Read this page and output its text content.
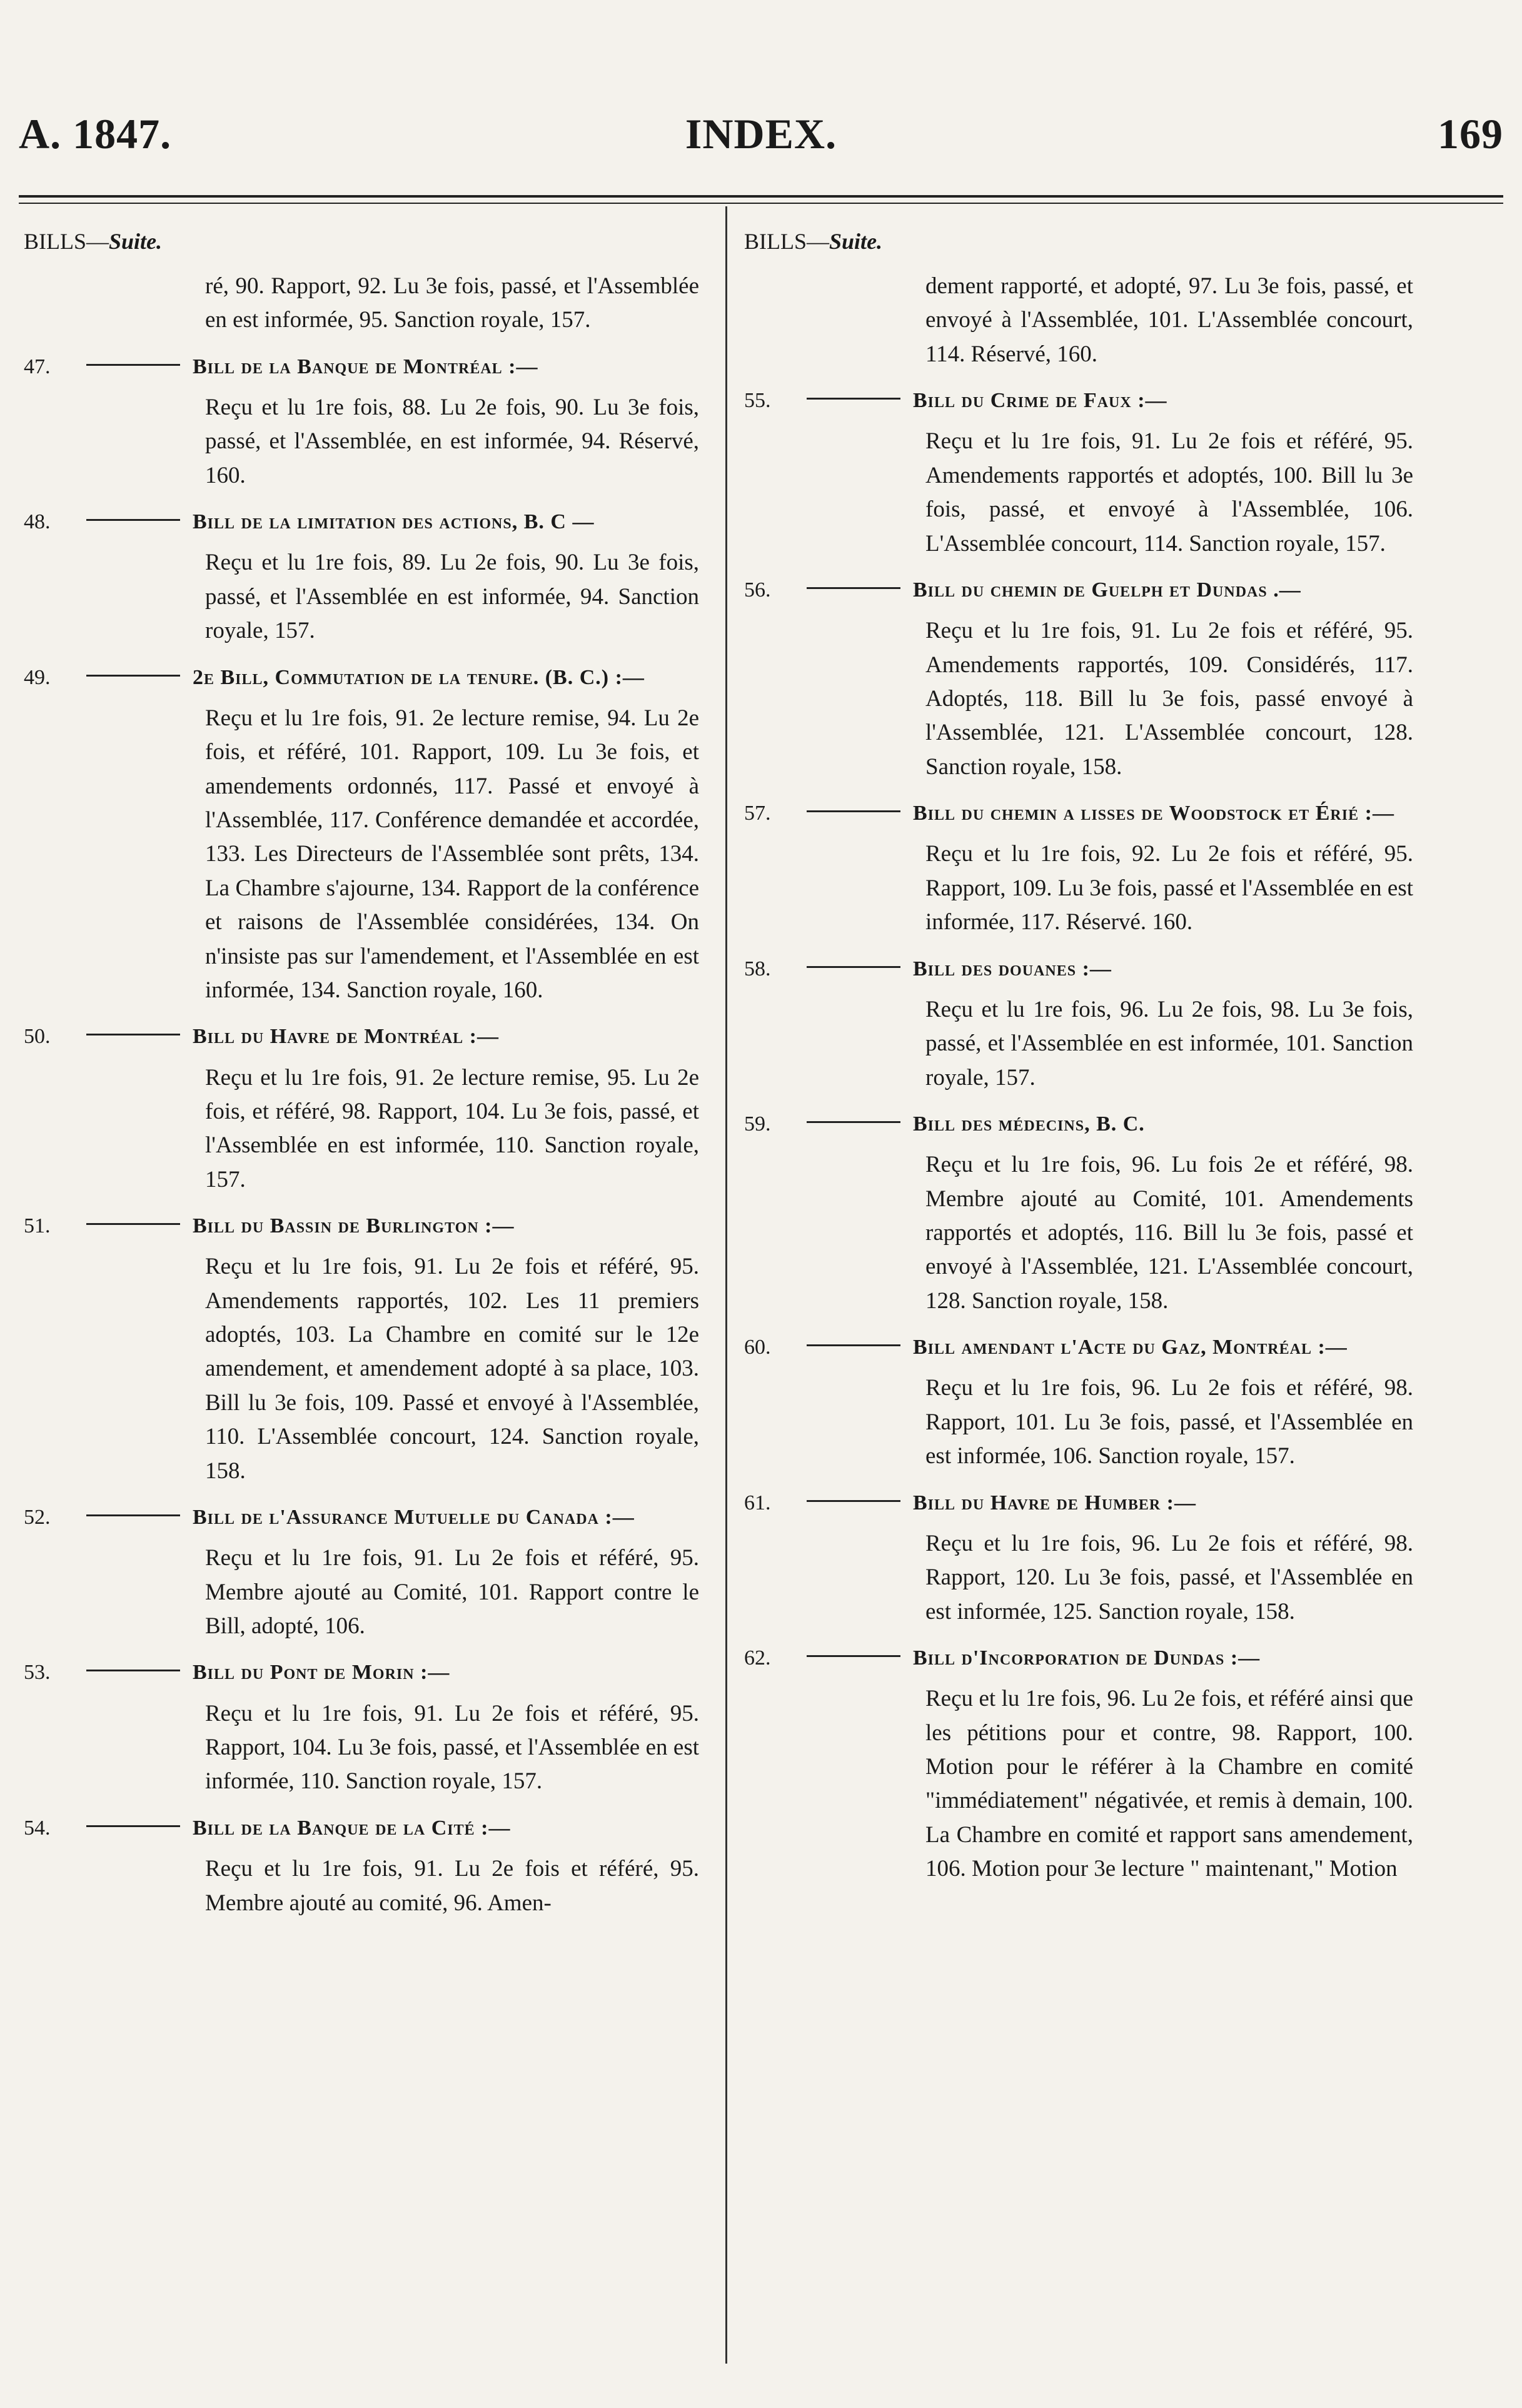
A. 1847.	INDEX.	169
BILLS—Suite.
ré, 90. Rapport, 92. Lu 3e fois, passé, et l'Assemblée en est informée, 95. Sanction royale, 157.
47.	Bill de la Banque de Montréal :—
Reçu et lu 1re fois, 88. Lu 2e fois, 90. Lu 3e fois, passé, et l'Assemblée, en est informée, 94. Réservé, 160.
48.	Bill de la limitation des actions, B. C —
Reçu et lu 1re fois, 89. Lu 2e fois, 90. Lu 3e fois, passé, et l'Assemblée en est informée, 94. Sanction royale, 157.
49.	2e Bill, Commutation de la tenure. (B. C.) :—
Reçu et lu 1re fois, 91. 2e lecture remise, 94. Lu 2e fois, et référé, 101. Rapport, 109. Lu 3e fois, et amendements ordonnés, 117. Passé et envoyé à l'Assemblée, 117. Conférence demandée et accordée, 133. Les Directeurs de l'Assemblée sont prêts, 134. La Chambre s'ajourne, 134. Rapport de la conférence et raisons de l'Assemblée considérées, 134. On n'insiste pas sur l'amendement, et l'Assemblée en est informée, 134. Sanction royale, 160.
50.	Bill du Havre de Montréal :—
Reçu et lu 1re fois, 91. 2e lecture remise, 95. Lu 2e fois, et référé, 98. Rapport, 104. Lu 3e fois, passé, et l'Assemblée en est informée, 110. Sanction royale, 157.
51.	Bill du Bassin de Burlington :—
Reçu et lu 1re fois, 91. Lu 2e fois et référé, 95. Amendements rapportés, 102. Les 11 premiers adoptés, 103. La Chambre en comité sur le 12e amendement, et amendement adopté à sa place, 103. Bill lu 3e fois, 109. Passé et envoyé à l'Assemblée, 110. L'Assemblée concourt, 124. Sanction royale, 158.
52.	Bill de l'Assurance Mutuelle du Canada :—
Reçu et lu 1re fois, 91. Lu 2e fois et référé, 95. Membre ajouté au Comité, 101. Rapport contre le Bill, adopté, 106.
53.	Bill du Pont de Morin :—
Reçu et lu 1re fois, 91. Lu 2e fois et référé, 95. Rapport, 104. Lu 3e fois, passé, et l'Assemblée en est informée, 110. Sanction royale, 157.
54.	Bill de la Banque de la Cité :—
Reçu et lu 1re fois, 91. Lu 2e fois et référé, 95. Membre ajouté au comité, 96. Amen-
BILLS—Suite.
dement rapporté, et adopté, 97. Lu 3e fois, passé, et envoyé à l'Assemblée, 101. L'Assemblée concourt, 114. Réservé, 160.
55.	Bill du Crime de Faux :—
Reçu et lu 1re fois, 91. Lu 2e fois et référé, 95. Amendements rapportés et adoptés, 100. Bill lu 3e fois, passé, et envoyé à l'Assemblée, 106. L'Assemblée concourt, 114. Sanction royale, 157.
56.	Bill du chemin de Guelph et Dundas .—
Reçu et lu 1re fois, 91. Lu 2e fois et référé, 95. Amendements rapportés, 109. Considérés, 117. Adoptés, 118. Bill lu 3e fois, passé envoyé à l'Assemblée, 121. L'Assemblée concourt, 128. Sanction royale, 158.
57.	Bill du chemin a lisses de Woodstock et Érié :—
Reçu et lu 1re fois, 92. Lu 2e fois et référé, 95. Rapport, 109. Lu 3e fois, passé et l'Assemblée en est informée, 117. Réservé. 160.
58.	Bill des douanes :—
Reçu et lu 1re fois, 96. Lu 2e fois, 98. Lu 3e fois, passé, et l'Assemblée en est informée, 101. Sanction royale, 157.
59.	Bill des médecins, B. C.
Reçu et lu 1re fois, 96. Lu fois 2e et référé, 98. Membre ajouté au Comité, 101. Amendements rapportés et adoptés, 116. Bill lu 3e fois, passé et envoyé à l'Assemblée, 121. L'Assemblée concourt, 128. Sanction royale, 158.
60.	Bill amendant l'Acte du Gaz, Montréal :—
Reçu et lu 1re fois, 96. Lu 2e fois et référé, 98. Rapport, 101. Lu 3e fois, passé, et l'Assemblée en est informée, 106. Sanction royale, 157.
61.	Bill du Havre de Humber :—
Reçu et lu 1re fois, 96. Lu 2e fois et référé, 98. Rapport, 120. Lu 3e fois, passé, et l'Assemblée en est informée, 125. Sanction royale, 158.
62.	Bill d'Incorporation de Dundas :—
Reçu et lu 1re fois, 96. Lu 2e fois, et référé ainsi que les pétitions pour et contre, 98. Rapport, 100. Motion pour le référer à la Chambre en comité "immédiatement" négativée, et remis à demain, 100. La Chambre en comité et rapport sans amendement, 106. Motion pour 3e lecture " maintenant," Motion
